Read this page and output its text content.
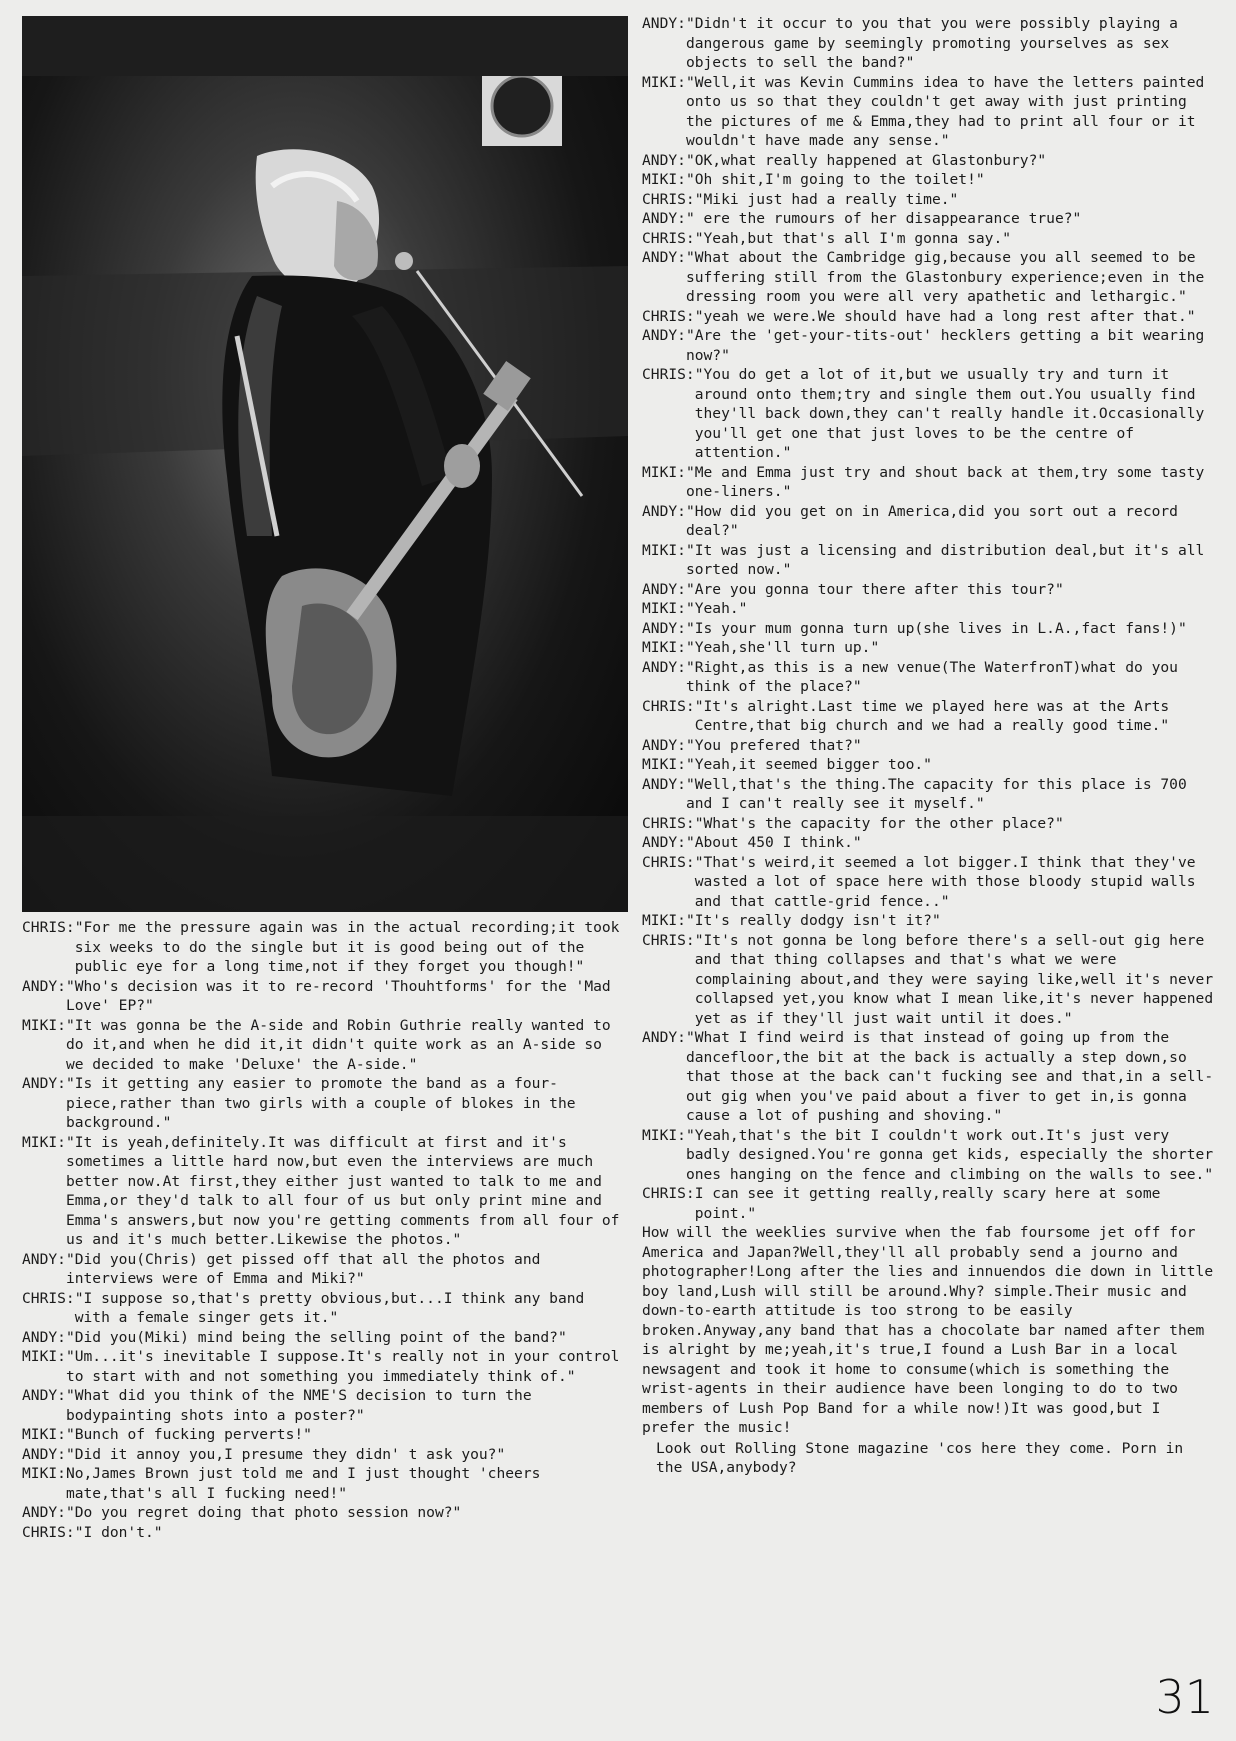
CHRIS: "For me the pressure again was in the actual recording;it took six weeks to do the single but it is good being out of the public eye for a long time,not if they forget you though!"
ANDY: "Who's decision was it to re-record 'Thouhtforms' for the 'Mad Love' EP?"
MIKI: "It was gonna be the A-side and Robin Guthrie really wanted to do it,and when he did it,it didn't quite work as an A-side so we decided to make 'Deluxe' the A-side."
ANDY: "Is it getting any easier to promote the band as a four-piece,rather than two girls with a couple of blokes in the background."
MIKI: "It is yeah,definitely.It was difficult at first and it's sometimes a little hard now,but even the interviews are much better now.At first,they either just wanted to talk to me and Emma,or they'd talk to all four of us but only print mine and Emma's answers,but now you're getting comments from all four of us and it's much better.Likewise the photos."
ANDY: "Did you(Chris) get pissed off that all the photos and interviews were of Emma and Miki?"
CHRIS: "I suppose so,that's pretty obvious,but...I think any band with a female singer gets it."
ANDY: "Did you(Miki) mind being the selling point of the band?"
MIKI: "Um...it's inevitable I suppose.It's really not in your control to start with and not something you immediately think of."
ANDY: "What did you think of the NME'S decision to turn the bodypainting shots into a poster?"
MIKI: "Bunch of fucking perverts!"
ANDY: "Did it annoy you,I presume they didn' t ask you?"
MIKI: No,James Brown just told me and I just thought 'cheers mate,that's all I fucking need!"
ANDY: "Do you regret doing that photo session now?"
CHRIS: "I don't."
ANDY: "Didn't it occur to you that you were possibly playing a dangerous game by seemingly promoting yourselves as sex objects to sell the band?"
MIKI: "Well,it was Kevin Cummins idea to have the letters painted onto us so that they couldn't get away with just printing the pictures of me & Emma,they had to print all four or it wouldn't have made any sense."
ANDY: "OK,what really happened at Glastonbury?"
MIKI: "Oh shit,I'm going to the toilet!"
CHRIS: "Miki just had a really time."
ANDY: " ere the rumours of her disappearance true?"
CHRIS: "Yeah,but that's all I'm gonna say."
ANDY: "What about the Cambridge gig,because you all seemed to be suffering still from the Glastonbury experience;even in the dressing room you were all very apathetic and lethargic."
CHRIS: "yeah we were.We should have had a long rest after that."
ANDY: "Are the 'get-your-tits-out' hecklers getting a bit wearing now?"
CHRIS: "You do get a lot of it,but we usually try and turn it around onto them;try and single them out.You usually find they'll back down,they can't really handle it.Occasionally you'll get one that just loves to be the centre of attention."
MIKI: "Me and Emma just try and shout back at them,try some tasty one-liners."
ANDY: "How did you get on in America,did you sort out a record deal?"
MIKI: "It was just a licensing and distribution deal,but it's all sorted now."
ANDY: "Are you gonna tour there after this tour?"
MIKI: "Yeah."
ANDY: "Is your mum gonna turn up(she lives in L.A.,fact fans!)"
MIKI: "Yeah,she'll turn up."
ANDY: "Right,as this is a new venue(The WaterfronT)what do you think of the place?"
CHRIS: "It's alright.Last time we played here was at the Arts Centre,that big church and we had a really good time."
ANDY: "You prefered that?"
MIKI: "Yeah,it seemed bigger too."
ANDY: "Well,that's the thing.The capacity for this place is 700 and I can't really see it myself."
CHRIS: "What's the capacity for the other place?"
ANDY: "About 450 I think."
CHRIS: "That's weird,it seemed a lot bigger.I think that they've wasted a lot of space here with those bloody stupid walls and that cattle-grid fence.."
MIKI: "It's really dodgy isn't it?"
CHRIS: "It's not gonna be long before there's a sell-out gig here and that thing collapses and that's what we were complaining about,and they were saying like,well it's never collapsed yet,you know what I mean like,it's never happened yet as if they'll just wait until it does."
ANDY: "What I find weird is that instead of going up from the dancefloor,the bit at the back is actually a step down,so that those at the back can't fucking see and that,in a sell-out gig when you've paid about a fiver to get in,is gonna cause a lot of pushing and shoving."
MIKI: "Yeah,that's the bit I couldn't work out.It's just very badly designed.You're gonna get kids, especially the shorter ones hanging on the fence and climbing on the walls to see."
CHRIS: I can see it getting really,really scary here at some point."

How will the weeklies survive when the fab foursome jet off for America and Japan?Well,they'll all probably send a journo and photographer!Long after the lies and innuendos die down in little boy land,Lush will still be around.Why? simple.Their music and down-to-earth attitude is too strong to be easily broken.Anyway,any band that has a chocolate bar named after them is alright by me;yeah,it's true,I found a Lush Bar in a local newsagent and took it home to consume(which is something the wrist-agents in their audience have been longing to do to two members of Lush Pop Band for a while now!)It was good,but I prefer the music!

Look out Rolling Stone magazine 'cos here they come. Porn in the USA,anybody?

31
